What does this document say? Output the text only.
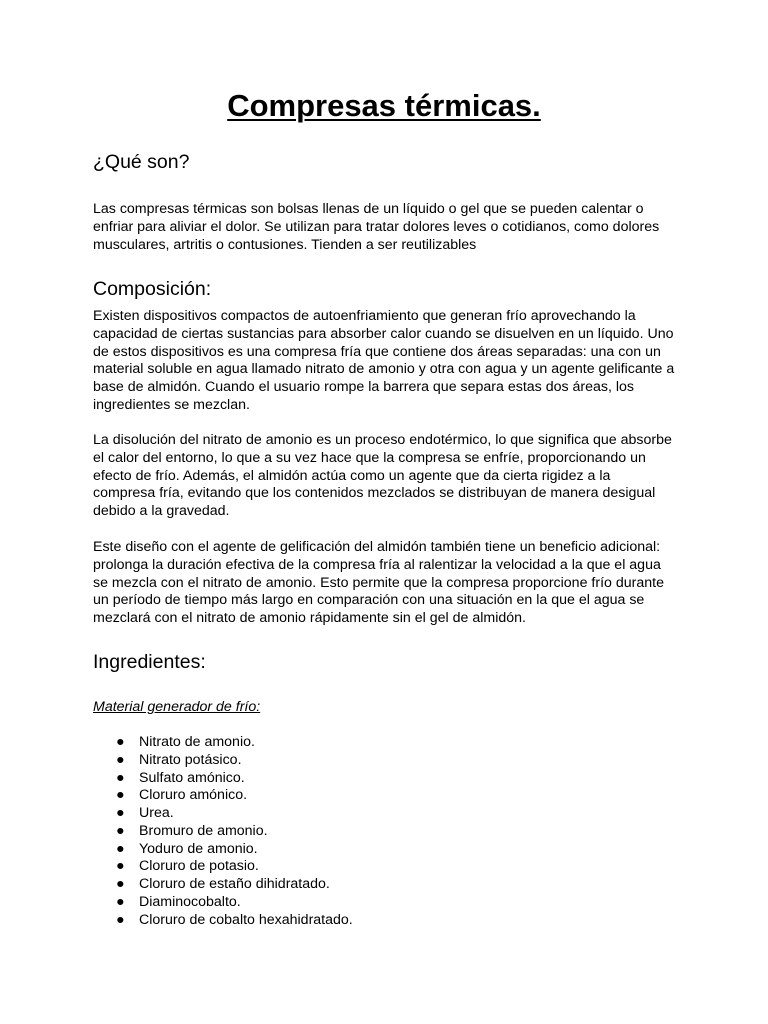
Compresas térmicas.
¿Qué son?

Las compresas térmicas son bolsas llenas de un líquido o gel que se pueden calentar o enfriar para aliviar el dolor. Se utilizan para tratar dolores leves o cotidianos, como dolores musculares, artritis o contusiones. Tienden a ser reutilizables

Composición:

Existen dispositivos compactos de autoenfriamiento que generan frío aprovechando la capacidad de ciertas sustancias para absorber calor cuando se disuelven en un líquido. Uno de estos dispositivos es una compresa fría que contiene dos áreas separadas: una con un material soluble en agua llamado nitrato de amonio y otra con agua y un agente gelificante a base de almidón. Cuando el usuario rompe la barrera que separa estas dos áreas, los ingredientes se mezclan.

La disolución del nitrato de amonio es un proceso endotérmico, lo que significa que absorbe el calor del entorno, lo que a su vez hace que la compresa se enfríe, proporcionando un efecto de frío. Además, el almidón actúa como un agente que da cierta rigidez a la compresa fría, evitando que los contenidos mezclados se distribuyan de manera desigual debido a la gravedad.

Este diseño con el agente de gelificación del almidón también tiene un beneficio adicional: prolonga la duración efectiva de la compresa fría al ralentizar la velocidad a la que el agua se mezcla con el nitrato de amonio. Esto permite que la compresa proporcione frío durante un período de tiempo más largo en comparación con una situación en la que el agua se mezclará con el nitrato de amonio rápidamente sin el gel de almidón.

Ingredientes:

Material generador de frío:

● Nitrato de amonio.
● Nitrato potásico.
● Sulfato amónico.
● Cloruro amónico.
● Urea.
● Bromuro de amonio.
● Yoduro de amonio.
● Cloruro de potasio.
● Cloruro de estaño dihidratado.
● Diaminocobalto.
● Cloruro de cobalto hexahidratado.
